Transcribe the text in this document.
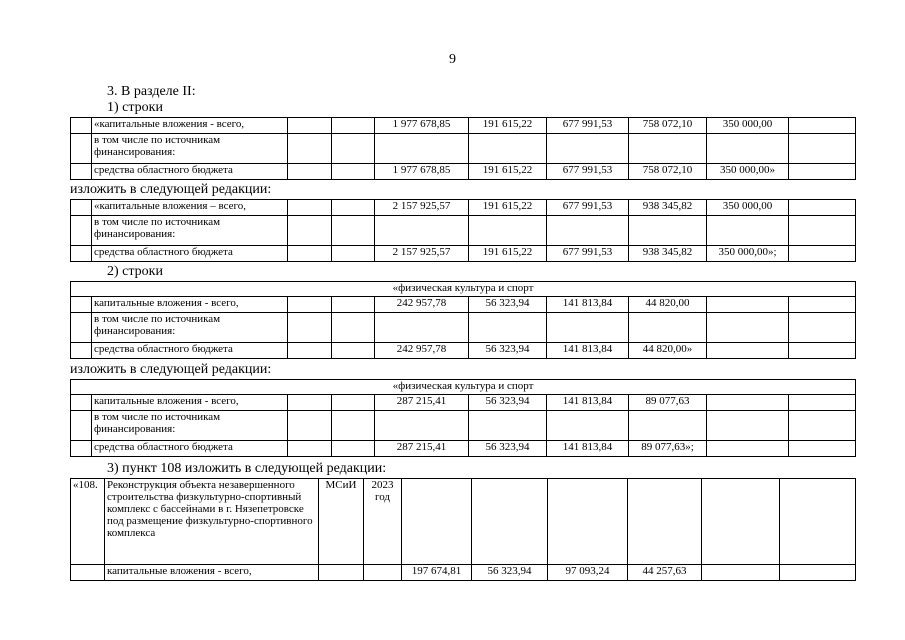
9
3. В разделе II:
1) строки
	«капитальные вложения - всего,			1 977 678,85	191 615,22	677 991,53	758 072,10	350 000,00	
	в том числе по источникам финансирования:								
	средства областного бюджета			1 977 678,85	191 615,22	677 991,53	758 072,10	350 000,00»	
изложить в следующей редакции:
	«капитальные вложения – всего,			2 157 925,57	191 615,22	677 991,53	938 345,82	350 000,00	
	в том числе по источникам финансирования:								
	средства областного бюджета			2 157 925,57	191 615,22	677 991,53	938 345,82	350 000,00»;	
2) строки
«физическая культура и спорт									
	капитальные вложения - всего,			242 957,78	56 323,94	141 813,84	44 820,00		
	в том числе по источникам финансирования:								
	средства областного бюджета			242 957,78	56 323,94	141 813,84	44 820,00»		
изложить в следующей редакции:
«физическая культура и спорт									
	капитальные вложения - всего,			287 215,41	56 323,94	141 813,84	89 077,63		
	в том числе по источникам финансирования:								
	средства областного бюджета			287 215,41	56 323,94	141 813,84	89 077,63»;		
3) пункт 108 изложить в следующей редакции:
«108.	Реконструкция объекта незавершенного строительства физкультурно-спортивный комплекс с бассейнами в г. Нязепетровске под размещение физкультурно-спортивного комплекса	МСиИ	2023 год						
	капитальные вложения - всего,			197 674,81	56 323,94	97 093,24	44 257,63		
